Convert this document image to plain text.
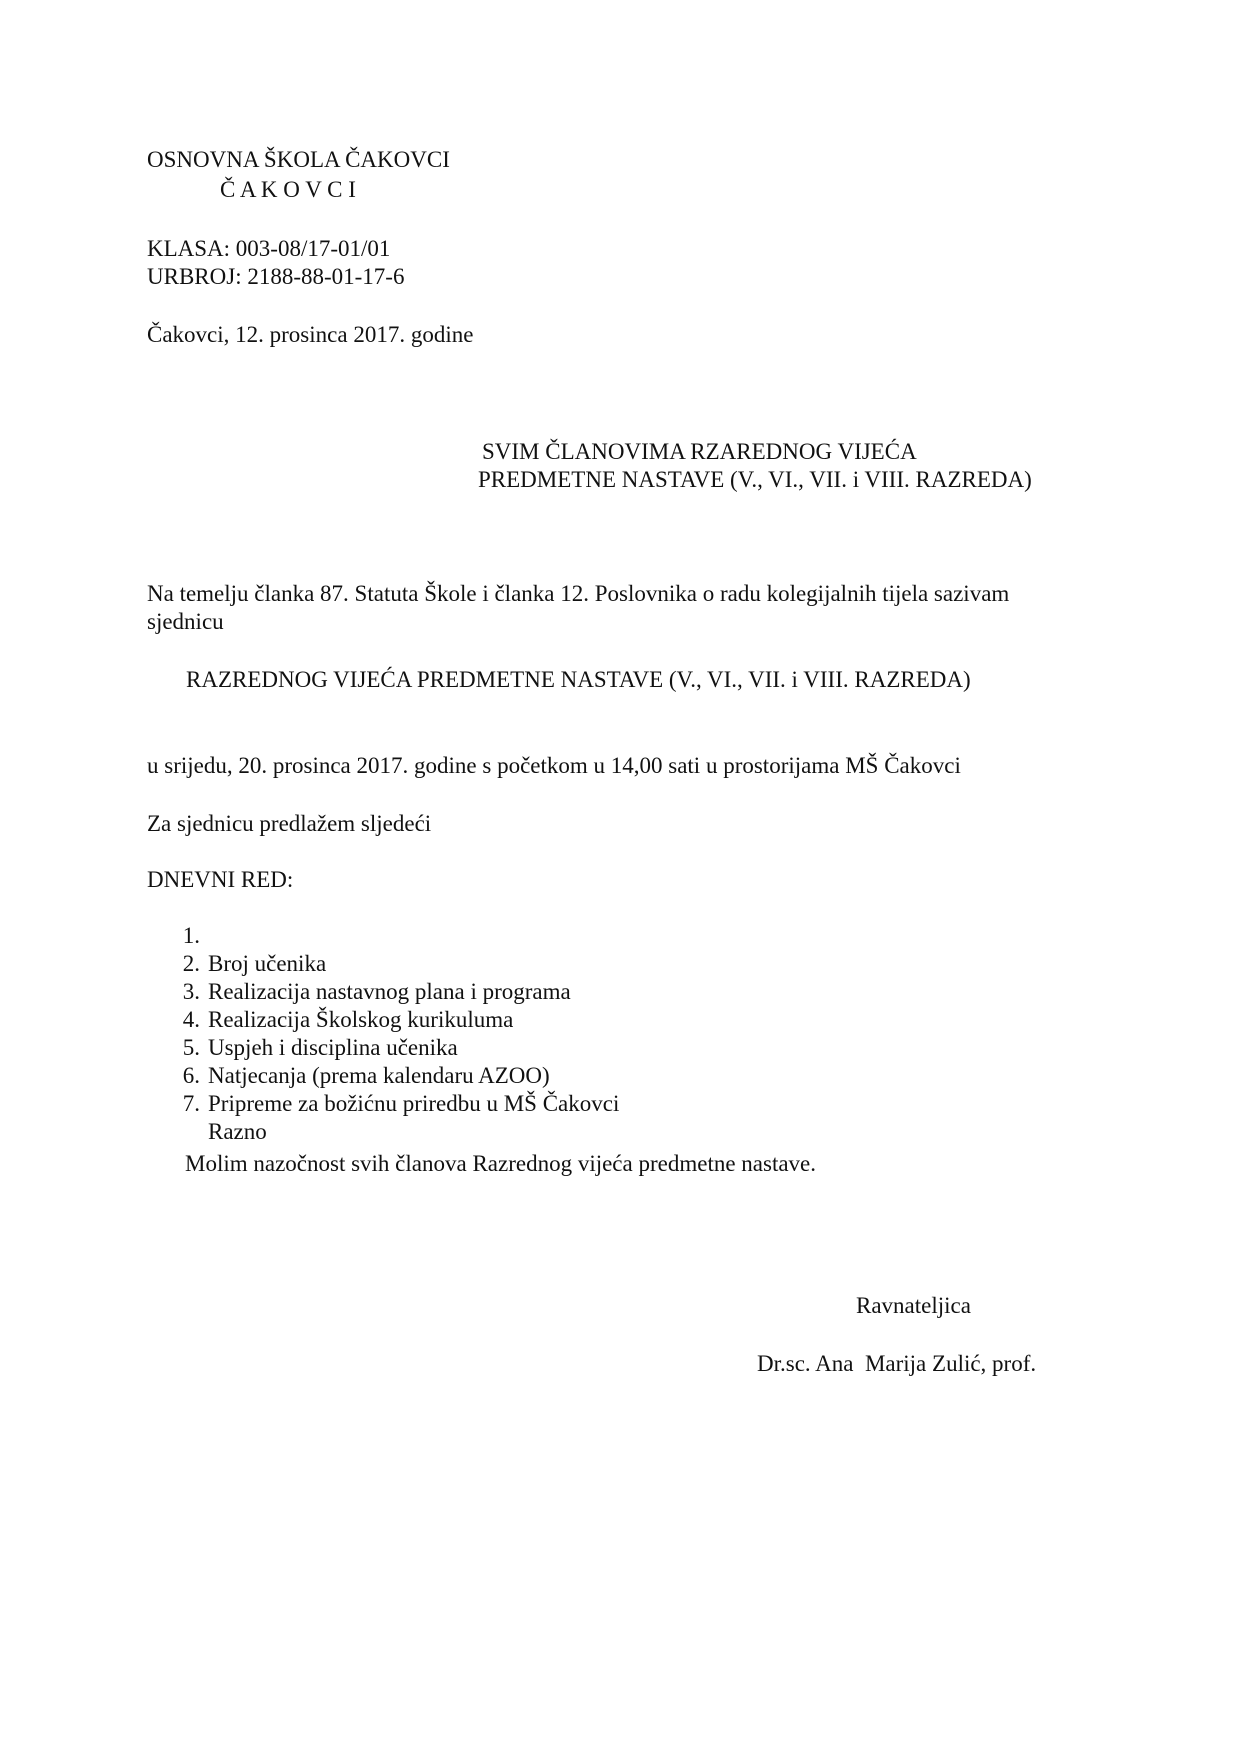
OSNOVNA ŠKOLA ČAKOVCI
Č A K O V C I
KLASA: 003-08/17-01/01
URBROJ: 2188-88-01-17-6
Čakovci, 12. prosinca 2017. godine
SVIM ČLANOVIMA RZAREDNOG VIJEĆA
PREDMETNE NASTAVE (V., VI., VII. i VIII. RAZREDA)
Na temelju članka 87. Statuta Škole i članka 12. Poslovnika o radu kolegijalnih tijela sazivam
sjednicu
RAZREDNOG VIJEĆA PREDMETNE NASTAVE (V., VI., VII. i VIII. RAZREDA)
u srijedu, 20. prosinca 2017. godine s početkom u 14,00 sati u prostorijama MŠ Čakovci
Za sjednicu predlažem sljedeći
DNEVNI RED:

1.

Broj učenika

2.

Realizacija nastavnog plana i programa

3.

Realizacija Školskog kurikuluma

4.

Uspjeh i disciplina učenika

5.

Natjecanja (prema kalendaru AZOO)

6.

Pripreme za božićnu priredbu u MŠ Čakovci

7.

Razno

Molim nazočnost svih članova Razrednog vijeća predmetne nastave.
Ravnateljica
Dr.sc. Ana  Marija Zulić, prof.
